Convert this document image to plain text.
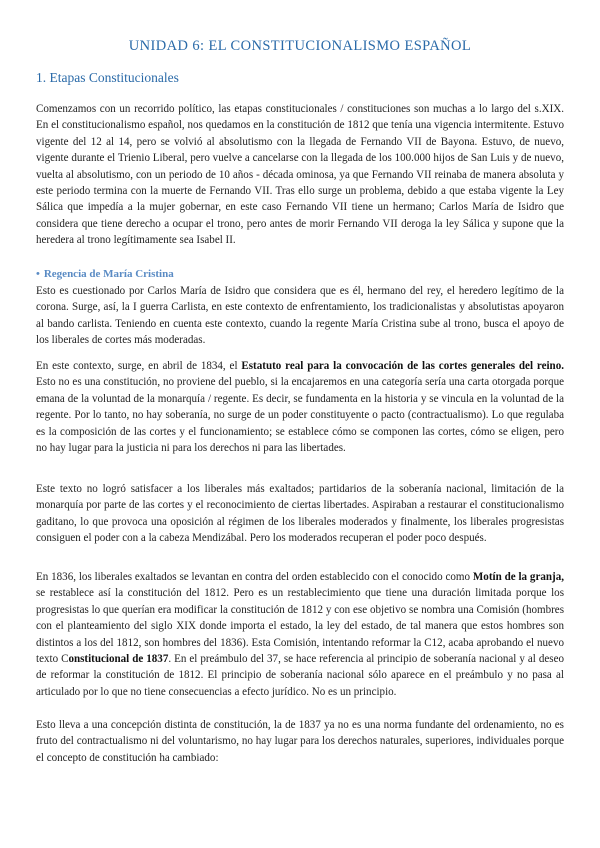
UNIDAD 6: EL CONSTITUCIONALISMO ESPAÑOL
1. Etapas Constitucionales
Comenzamos con un recorrido político, las etapas constitucionales / constituciones son muchas a lo largo del s.XIX. En el constitucionalismo español, nos quedamos en la constitución de 1812 que tenía una vigencia intermitente. Estuvo vigente del 12 al 14, pero se volvió al absolutismo con la llegada de Fernando VII de Bayona. Estuvo, de nuevo, vigente durante el Trienio Liberal, pero vuelve a cancelarse con la llegada de los 100.000 hijos de San Luis y de nuevo, vuelta al absolutismo, con un periodo de 10 años - década ominosa, ya que Fernando VII reinaba de manera absoluta y este periodo termina con la muerte de Fernando VII. Tras ello surge un problema, debido a que estaba vigente la Ley Sálica que impedía a la mujer gobernar, en este caso Fernando VII tiene un hermano; Carlos María de Isidro que considera que tiene derecho a ocupar el trono, pero antes de morir Fernando VII deroga la ley Sálica y supone que la heredera al trono legítimamente sea Isabel II.
• Regencia de María Cristina
Esto es cuestionado por Carlos María de Isidro que considera que es él, hermano del rey, el heredero legítimo de la corona. Surge, así, la I guerra Carlista, en este contexto de enfrentamiento, los tradicionalistas y absolutistas apoyaron al bando carlista. Teniendo en cuenta este contexto, cuando la regente María Cristina sube al trono, busca el apoyo de los liberales de cortes más moderadas.
En este contexto, surge, en abril de 1834, el Estatuto real para la convocación de las cortes generales del reino. Esto no es una constitución, no proviene del pueblo, si la encajaremos en una categoría sería una carta otorgada porque emana de la voluntad de la monarquía / regente. Es decir, se fundamenta en la historia y se vincula en la voluntad de la regente. Por lo tanto, no hay soberanía, no surge de un poder constituyente o pacto (contractualismo). Lo que regulaba es la composición de las cortes y el funcionamiento; se establece cómo se componen las cortes, cómo se eligen, pero no hay lugar para la justicia ni para los derechos ni para las libertades.
Este texto no logró satisfacer a los liberales más exaltados; partidarios de la soberanía nacional, limitación de la monarquía por parte de las cortes y el reconocimiento de ciertas libertades. Aspiraban a restaurar el constitucionalismo gaditano, lo que provoca una oposición al régimen de los liberales moderados y finalmente, los liberales progresistas consiguen el poder con a la cabeza Mendizábal. Pero los moderados recuperan el poder poco después.
En 1836, los liberales exaltados se levantan en contra del orden establecido con el conocido como Motín de la granja, se restablece así la constitución del 1812. Pero es un restablecimiento que tiene una duración limitada porque los progresistas lo que querían era modificar la constitución de 1812 y con ese objetivo se nombra una Comisión (hombres con el planteamiento del siglo XIX donde importa el estado, la ley del estado, de tal manera que estos hombres son distintos a los del 1812, son hombres del 1836). Esta Comisión, intentando reformar la C12, acaba aprobando el nuevo texto Constitucional de 1837. En el preámbulo del 37, se hace referencia al principio de soberanía nacional y al deseo de reformar la constitución de 1812. El principio de soberanía nacional sólo aparece en el preámbulo y no pasa al articulado por lo que no tiene consecuencias a efecto jurídico. No es un principio.
Esto lleva a una concepción distinta de constitución, la de 1837 ya no es una norma fundante del ordenamiento, no es fruto del contractualismo ni del voluntarismo, no hay lugar para los derechos naturales, superiores, individuales porque el concepto de constitución ha cambiado:
